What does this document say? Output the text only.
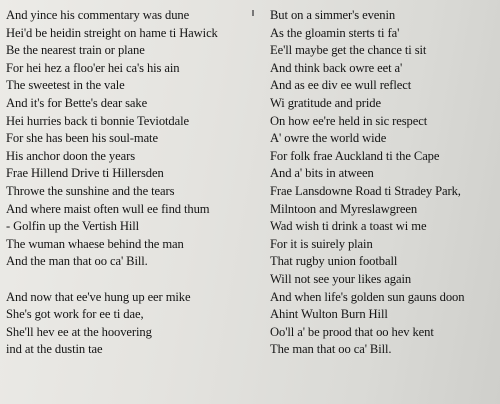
And yince his commentary was dune
Hei'd be heidin streight on hame ti Hawick
Be the nearest train or plane
For hei hez a floo'er hei ca's his ain
The sweetest in the vale
And it's for Bette's dear sake
Hei hurries back ti bonnie Teviotdale
For she has been his soul-mate
His anchor doon the years
Frae Hillend Drive ti Hillersden
Throwe the sunshine and the tears
And where maist often wull ee find thum
- Golfin up the Vertish Hill
The wuman whaese behind the man
And the man that oo ca' Bill.
And now that ee've hung up eer mike
She's got work for ee ti dae,
She'll hev ee at the hoovering
ind at the dustin tae
But on a simmer's evenin
As the gloamin sterts ti fa'
Ee'll maybe get the chance ti sit
And think back owre eet a'
And as ee div ee wull reflect
Wi gratitude and pride
On how ee're held in sic respect
A' owre the world wide
For folk frae Auckland ti the Cape
And a' bits in atween
Frae Lansdowne Road ti Stradey Park,
Milntoon and Myreslawgreen
Wad wish ti drink a toast wi me
For it is suirely plain
That rugby union football
Will not see your likes again
And when life's golden sun gauns doon
Ahint Wulton Burn Hill
Oo'll a' be prood that oo hev kent
The man that oo ca' Bill.
